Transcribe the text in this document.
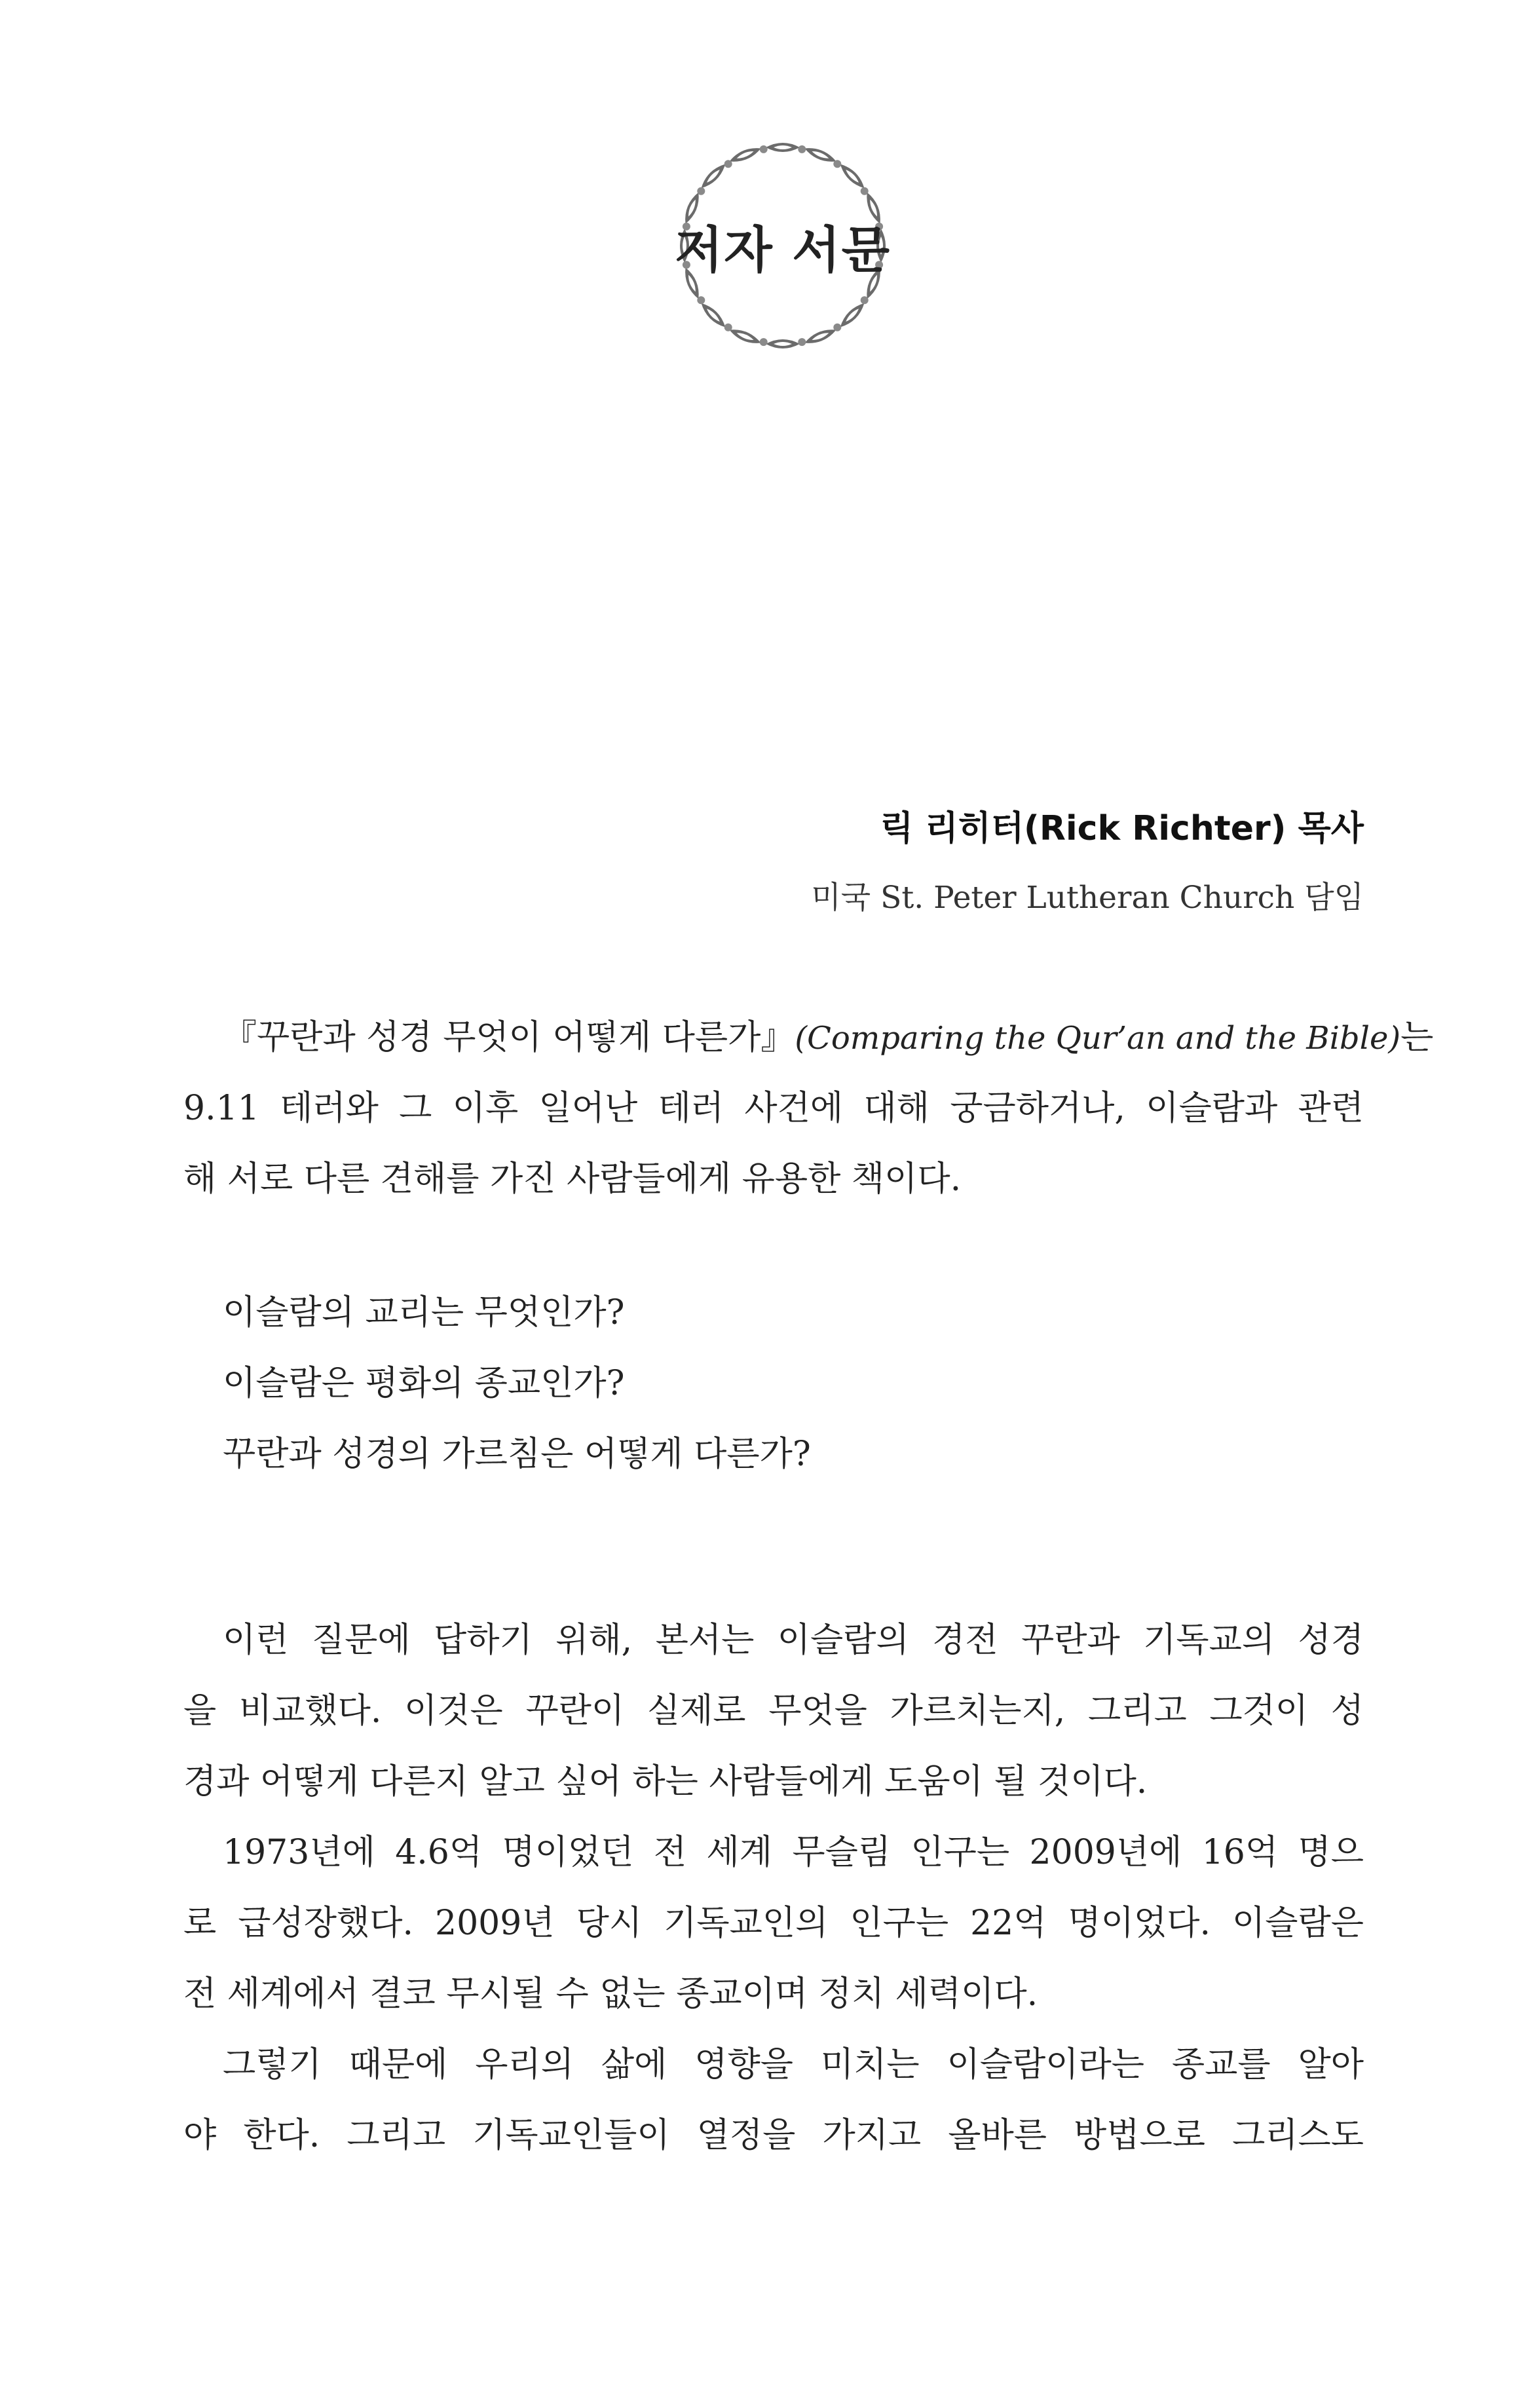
저자 서문
릭 리히터(Rick Richter) 목사
미국 St. Peter Lutheran Church 담임
『꾸란과 성경 무엇이 어떻게 다른가』(Comparing the Qur’an and the Bible)는
9.11 테러와 그 이후 일어난 테러 사건에 대해 궁금하거나, 이슬람과 관련
해 서로 다른 견해를 가진 사람들에게 유용한 책이다.
이슬람의 교리는 무엇인가?
이슬람은 평화의 종교인가?
꾸란과 성경의 가르침은 어떻게 다른가?
이런 질문에 답하기 위해, 본서는 이슬람의 경전 꾸란과 기독교의 성경
을 비교했다. 이것은 꾸란이 실제로 무엇을 가르치는지, 그리고 그것이 성
경과 어떻게 다른지 알고 싶어 하는 사람들에게 도움이 될 것이다.
1973년에 4.6억 명이었던 전 세계 무슬림 인구는 2009년에 16억 명으
로 급성장했다. 2009년 당시 기독교인의 인구는 22억 명이었다. 이슬람은
전 세계에서 결코 무시될 수 없는 종교이며 정치 세력이다.
그렇기 때문에 우리의 삶에 영향을 미치는 이슬람이라는 종교를 알아
야 한다. 그리고 기독교인들이 열정을 가지고 올바른 방법으로 그리스도
